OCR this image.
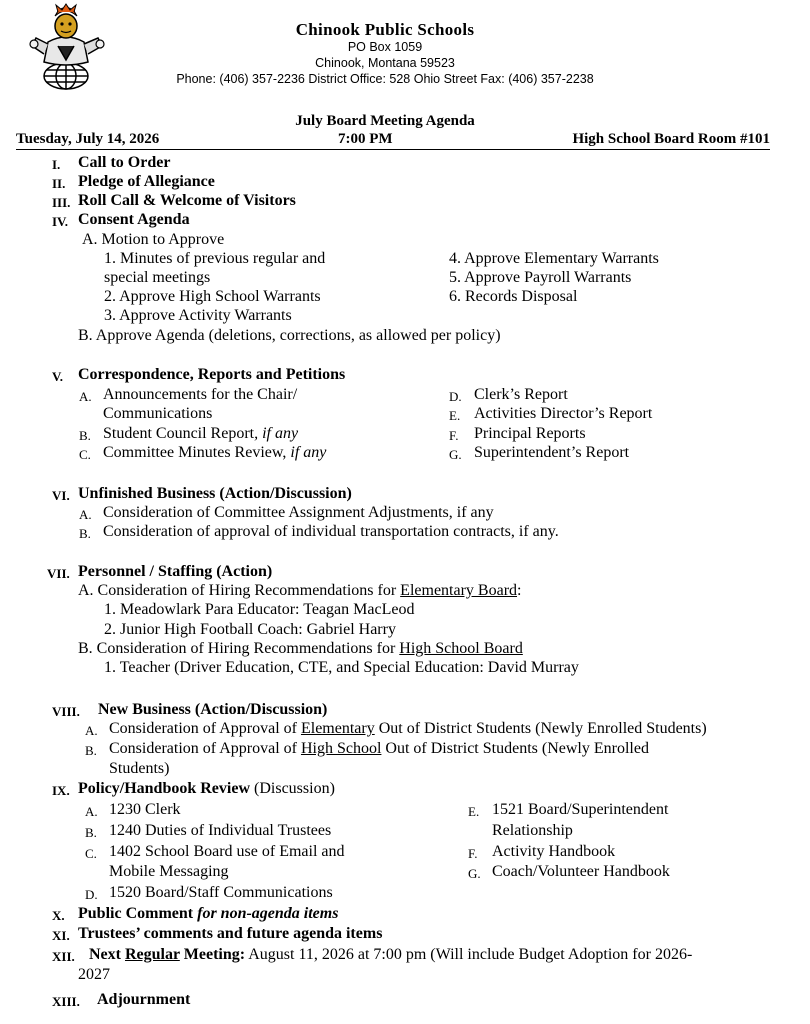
Chinook Public Schools
PO Box 1059
Chinook, Montana 59523
Phone: (406) 357-2236 District Office: 528 Ohio Street Fax: (406) 357-2238
July Board Meeting Agenda
Tuesday, July 14, 2026	7:00 PM	High School Board Room #101
I. Call to Order
II. Pledge of Allegiance
III. Roll Call & Welcome of Visitors
IV. Consent Agenda
A. Motion to Approve
1. Minutes of previous regular and
special meetings
2. Approve High School Warrants
3. Approve Activity Warrants
4. Approve Elementary Warrants
5. Approve Payroll Warrants
6. Records Disposal
B. Approve Agenda (deletions, corrections, as allowed per policy)
V. Correspondence, Reports and Petitions
A. Announcements for the Chair/
Communications
B. Student Council Report, if any
C. Committee Minutes Review, if any
D. Clerk’s Report
E. Activities Director’s Report
F. Principal Reports
G. Superintendent’s Report
VI. Unfinished Business (Action/Discussion)
A. Consideration of Committee Assignment Adjustments, if any
B. Consideration of approval of individual transportation contracts, if any.
VII. Personnel / Staffing (Action)
A. Consideration of Hiring Recommendations for Elementary Board:
1. Meadowlark Para Educator: Teagan MacLeod
2. Junior High Football Coach: Gabriel Harry
B. Consideration of Hiring Recommendations for High School Board
1. Teacher (Driver Education, CTE, and Special Education: David Murray
VIII. New Business (Action/Discussion)
A. Consideration of Approval of Elementary Out of District Students (Newly Enrolled Students)
B. Consideration of Approval of High School Out of District Students (Newly Enrolled
Students)
IX. Policy/Handbook Review (Discussion)
A. 1230 Clerk
B. 1240 Duties of Individual Trustees
C. 1402 School Board use of Email and
Mobile Messaging
D. 1520 Board/Staff Communications
E. 1521 Board/Superintendent
Relationship
F. Activity Handbook
G. Coach/Volunteer Handbook
X. Public Comment for non-agenda items
XI. Trustees’ comments and future agenda items
XII. Next Regular Meeting: August 11, 2026 at 7:00 pm (Will include Budget Adoption for 2026-
2027
XIII. Adjournment
